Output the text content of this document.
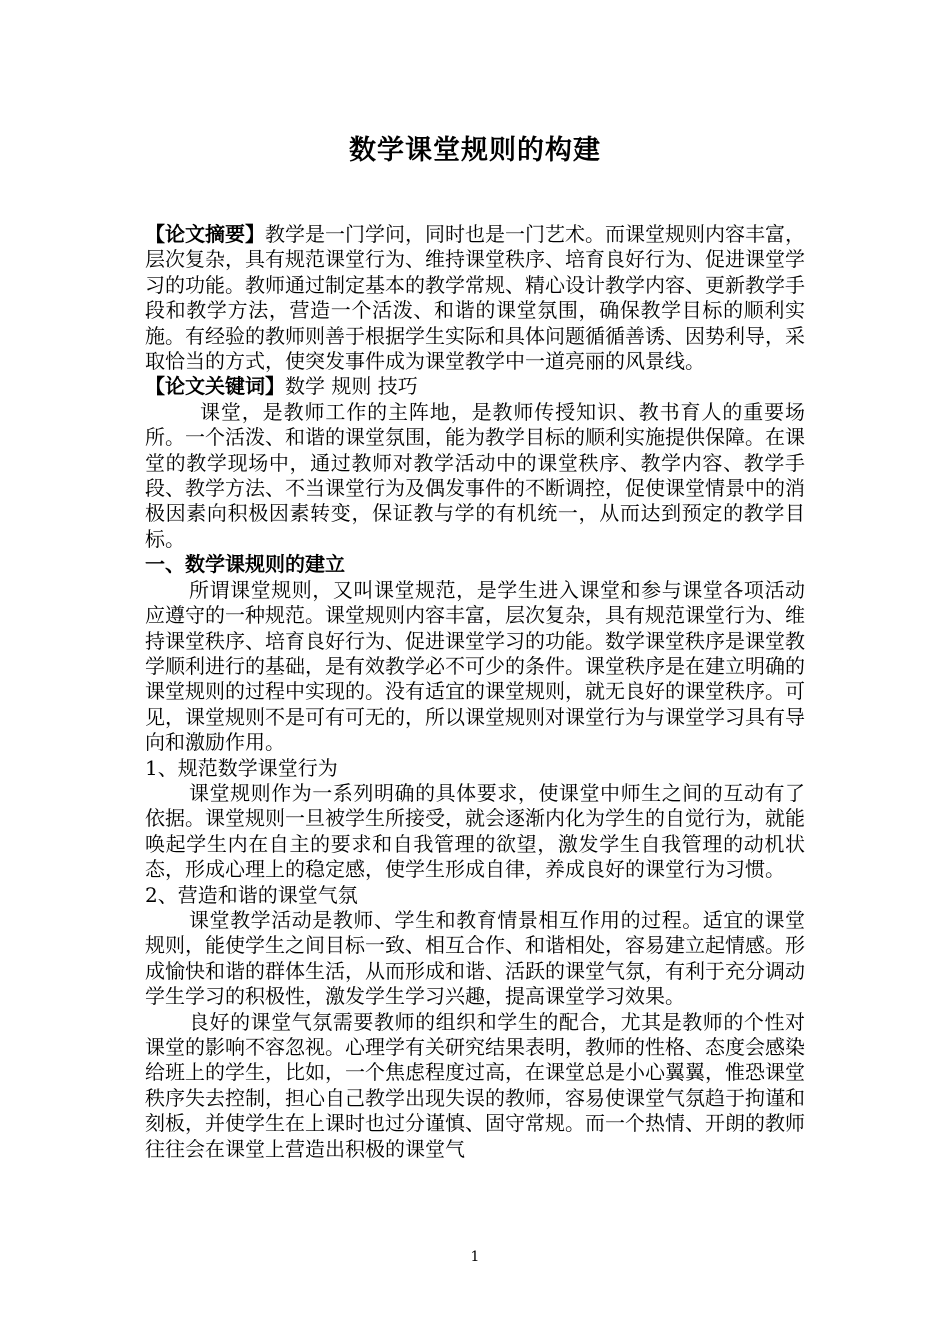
数学课堂规则的构建

【论文摘要】教学是一门学问，同时也是一门艺术。而课堂规则内容丰富，层次复杂，具有规范课堂行为、维持课堂秩序、培育良好行为、促进课堂学习的功能。教师通过制定基本的教学常规、精心设计教学内容、更新教学手段和教学方法，营造一个活泼、和谐的课堂氛围，确保教学目标的顺利实施。有经验的教师则善于根据学生实际和具体问题循循善诱、因势利导，采取恰当的方式，使突发事件成为课堂教学中一道亮丽的风景线。

【论文关键词】数学 规则 技巧

课堂，是教师工作的主阵地，是教师传授知识、教书育人的重要场所。一个活泼、和谐的课堂氛围，能为教学目标的顺利实施提供保障。在课堂的教学现场中，通过教师对教学活动中的课堂秩序、教学内容、教学手段、教学方法、不当课堂行为及偶发事件的不断调控，促使课堂情景中的消极因素向积极因素转变，保证教与学的有机统一，从而达到预定的教学目标。

一、数学课规则的建立

所谓课堂规则，又叫课堂规范，是学生进入课堂和参与课堂各项活动应遵守的一种规范。课堂规则内容丰富，层次复杂，具有规范课堂行为、维持课堂秩序、培育良好行为、促进课堂学习的功能。数学课堂秩序是课堂教学顺利进行的基础，是有效教学必不可少的条件。课堂秩序是在建立明确的课堂规则的过程中实现的。没有适宜的课堂规则，就无良好的课堂秩序。可见，课堂规则不是可有可无的，所以课堂规则对课堂行为与课堂学习具有导向和激励作用。

1、规范数学课堂行为

课堂规则作为一系列明确的具体要求，使课堂中师生之间的互动有了依据。课堂规则一旦被学生所接受，就会逐渐内化为学生的自觉行为，就能唤起学生内在自主的要求和自我管理的欲望，激发学生自我管理的动机状态，形成心理上的稳定感，使学生形成自律，养成良好的课堂行为习惯。

2、营造和谐的课堂气氛

课堂教学活动是教师、学生和教育情景相互作用的过程。适宜的课堂规则，能使学生之间目标一致、相互合作、和谐相处，容易建立起情感。形成愉快和谐的群体生活，从而形成和谐、活跃的课堂气氛，有利于充分调动学生学习的积极性，激发学生学习兴趣，提高课堂学习效果。

良好的课堂气氛需要教师的组织和学生的配合，尤其是教师的个性对课堂的影响不容忽视。心理学有关研究结果表明，教师的性格、态度会感染给班上的学生，比如，一个焦虑程度过高，在课堂总是小心翼翼，惟恐课堂秩序失去控制，担心自己教学出现失误的教师，容易使课堂气氛趋于拘谨和刻板，并使学生在上课时也过分谨慎、固守常规。而一个热情、开朗的教师往往会在课堂上营造出积极的课堂气

1
